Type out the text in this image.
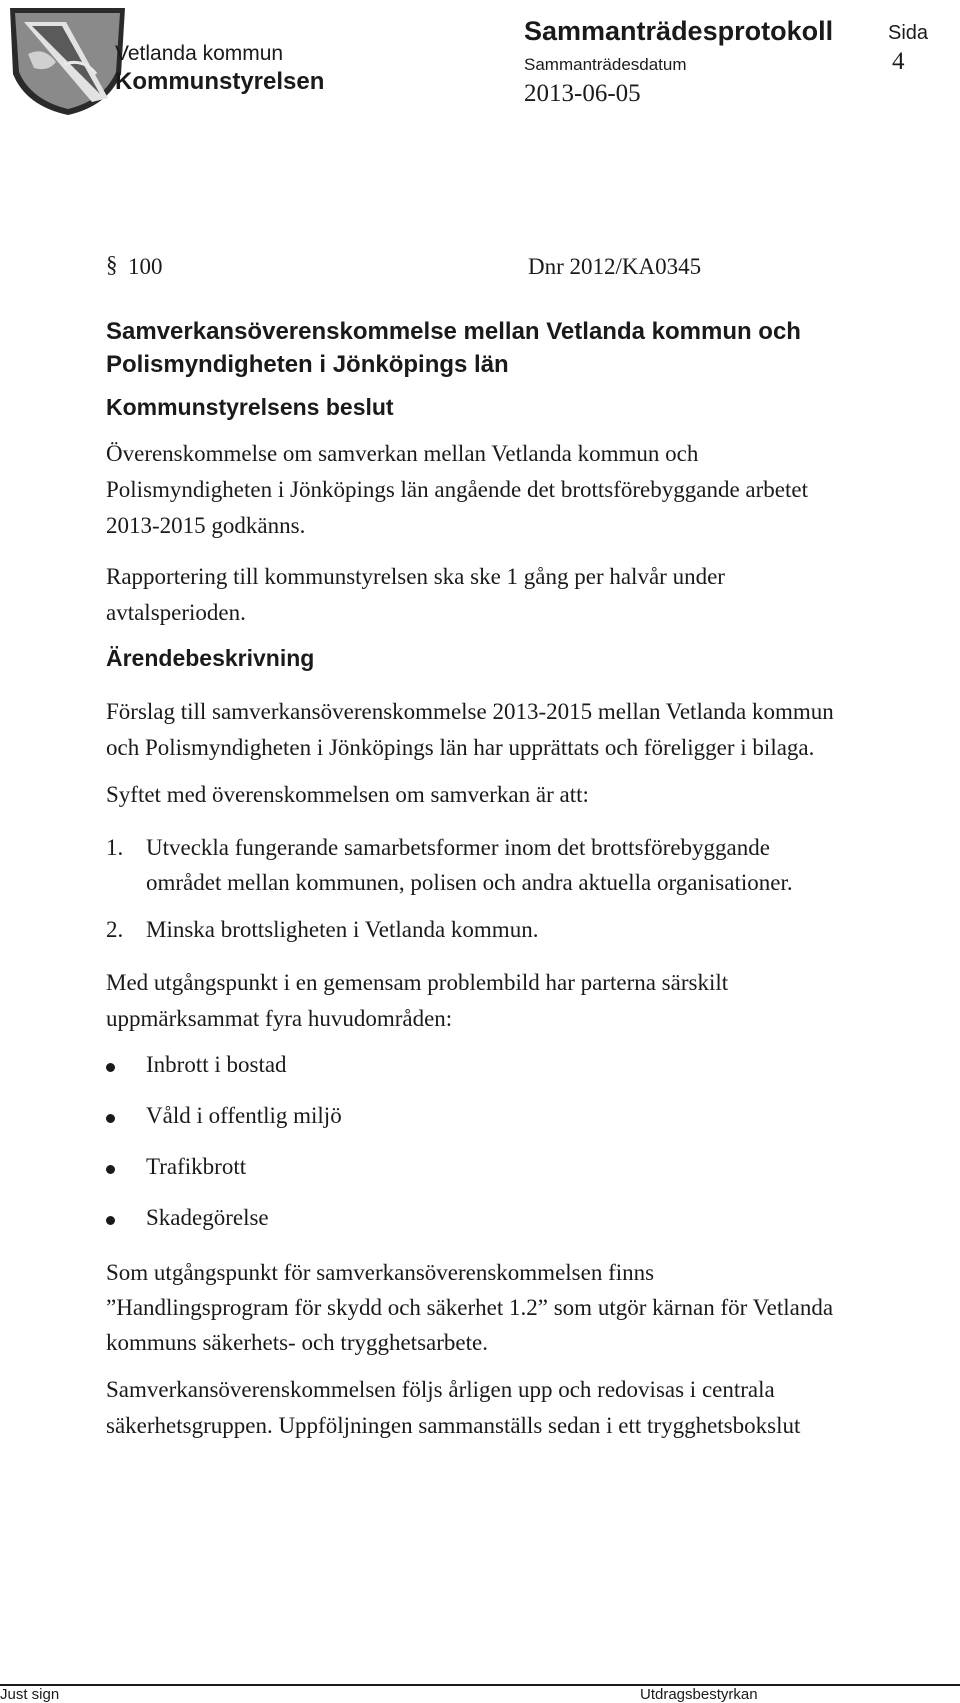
Vetlanda kommun
Kommunstyrelsen
Sammanträdesprotokoll
Sammanträdesdatum
2013-06-05
Sida
4
§ 100	Dnr 2012/KA0345
Samverkansöverenskommelse mellan Vetlanda kommun och
Polismyndigheten i Jönköpings län
Kommunstyrelsens beslut
Överenskommelse om samverkan mellan Vetlanda kommun och
Polismyndigheten i Jönköpings län angående det brottsförebyggande arbetet
2013-2015 godkänns.
Rapportering till kommunstyrelsen ska ske 1 gång per halvår under
avtalsperioden.
Ärendebeskrivning
Förslag till samverkansöverenskommelse 2013-2015 mellan Vetlanda kommun
och Polismyndigheten i Jönköpings län har upprättats och föreligger i bilaga.
Syftet med överenskommelsen om samverkan är att:
1. Utveckla fungerande samarbetsformer inom det brottsförebyggande
området mellan kommunen, polisen och andra aktuella organisationer.
2. Minska brottsligheten i Vetlanda kommun.
Med utgångspunkt i en gemensam problembild har parterna särskilt
uppmärksammat fyra huvudområden:
Inbrott i bostad
Våld i offentlig miljö
Trafikbrott
Skadegörelse
Som utgångspunkt för samverkansöverenskommelsen finns
”Handlingsprogram för skydd och säkerhet 1.2” som utgör kärnan för Vetlanda
kommuns säkerhets- och trygghetsarbete.
Samverkansöverenskommelsen följs årligen upp och redovisas i centrala
säkerhetsgruppen. Uppföljningen sammanställs sedan i ett trygghetsbokslut
Just sign	Utdragsbestyrkan
